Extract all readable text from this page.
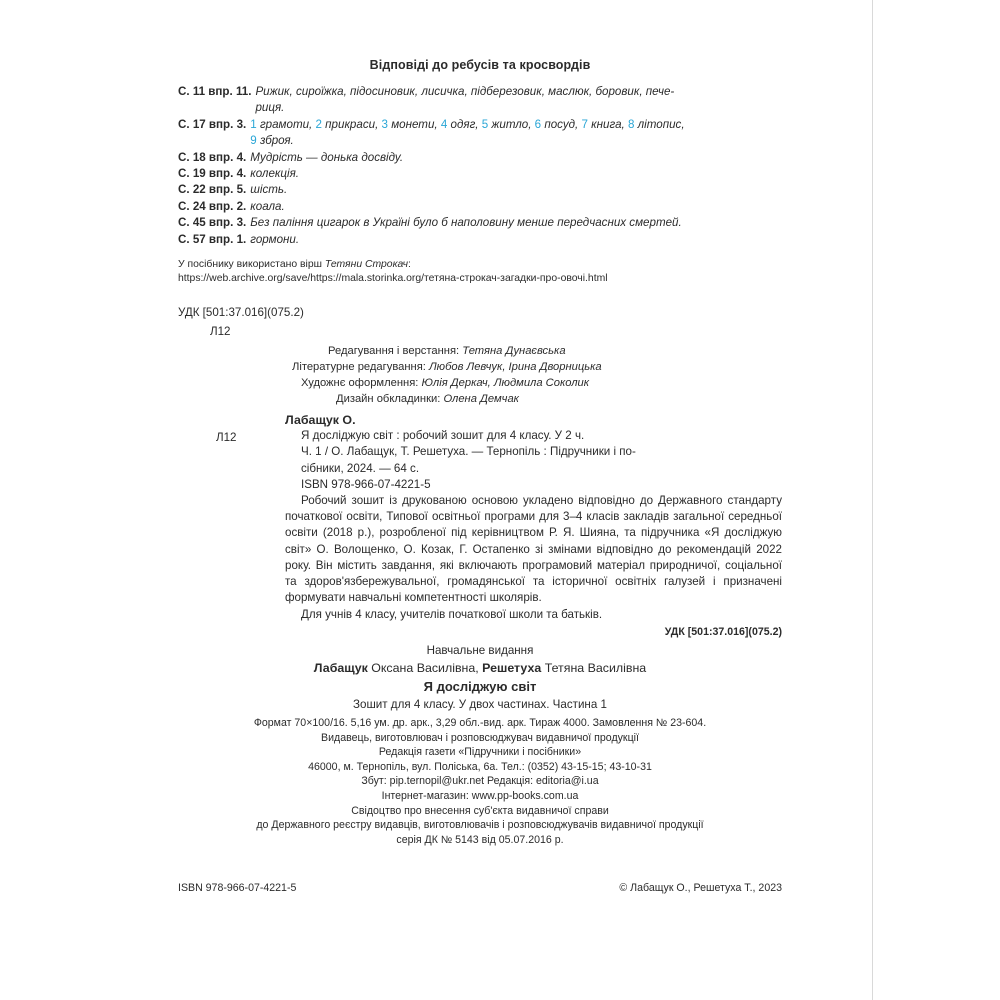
Відповіді до ребусів та кросвордів
С. 11 впр. 11. Рижик, сироїжка, підосиновик, лисичка, підберезовик, маслюк, боровик, пече-
риця.
С. 17 впр. 3. 1 грамоти, 2 прикраси, 3 монети, 4 одяг, 5 житло, 6 посуд, 7 книга, 8 літопис,
9 зброя.
С. 18 впр. 4. Мудрість — донька досвіду.
С. 19 впр. 4. колекція.
С. 22 впр. 5. шість.
С. 24 впр. 2. коала.
С. 45 впр. 3. Без паління цигарок в Україні було б наполовину менше передчасних смертей.
С. 57 впр. 1. гормони.
У посібнику використано вірш Тетяни Строкач:
https://web.archive.org/save/https://mala.storinka.org/тетяна-строкач-загадки-про-овочі.html
УДК [501:37.016](075.2)
Л12
Редагування і верстання: Тетяна Дунаєвська
Літературне редагування: Любов Левчук, Ірина Дворницька
Художнє оформлення: Юлія Деркач, Людмила Соколик
Дизайн обкладинки: Олена Демчак
Лабащук О.
Л12	Я досліджую світ : робочий зошит для 4 класу. У 2 ч.

Ч. 1 / О. Лабащук, Т. Решетуха. — Тернопіль : Підручники і по-

сібники, 2024. — 64 с.

ISBN 978-966-07-4221-5

Робочий зошит із друкованою основою укладено відповідно до Державного стандарту початкової освіти, Типової освітньої програми для 3–4 класів закладів загальної середньої освіти (2018 р.), розробленої під керівництвом Р. Я. Шияна, та підручника «Я досліджую світ» О. Волощенко, О. Козак, Г. Остапенко зі змінами відповідно до рекомендацій 2022 року. Він містить завдання, які включають програмовий матеріал природничої, соціальної та здоров'язбережувальної, громадянської та історичної освітніх галузей і призначені формувати навчальні компетентності школярів.

Для учнів 4 класу, учителів початкової школи та батьків.

УДК [501:37.016](075.2)
Навчальне видання
Лабащук Оксана Василівна, Решетуха Тетяна Василівна
Я досліджую світ
Зошит для 4 класу. У двох частинах. Частина 1
Формат 70×100/16. 5,16 ум. др. арк., 3,29 обл.-вид. арк. Тираж 4000. Замовлення № 23-604.
Видавець, виготовлювач і розповсюджувач видавничої продукції
Редакція газети «Підручники і посібники»
46000, м. Тернопіль, вул. Поліська, 6а. Тел.: (0352) 43-15-15; 43-10-31
Збут: pip.ternopil@ukr.net Редакція: editoria@i.ua
Інтернет-магазин: www.pp-books.com.ua
Свідоцтво про внесення суб'єкта видавничої справи
до Державного реєстру видавців, виготовлювачів і розповсюджувачів видавничої продукції
серія ДК № 5143 від 05.07.2016 р.
ISBN 978-966-07-4221-5	© Лабащук О., Решетуха Т., 2023
